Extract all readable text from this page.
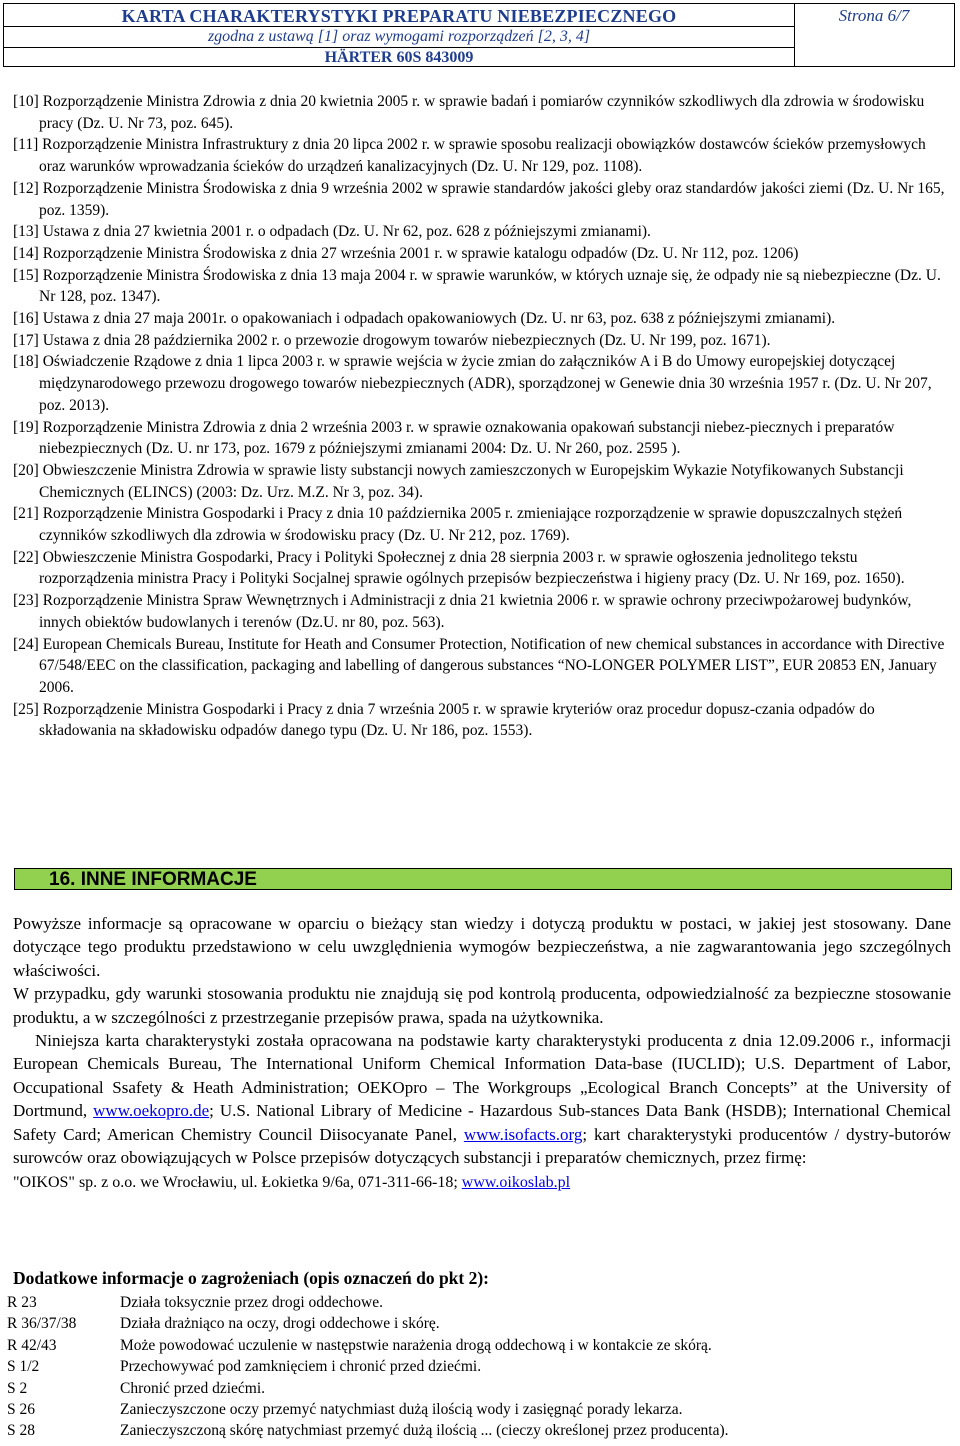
KARTA CHARAKTERYSTYKI PREPARATU NIEBEZPIECZNEGO
zgodna z ustawą [1] oraz wymogami rozporządzeń [2, 3, 4]
HÄRTER 60S 843009
Strona 6/7

[10] Rozporządzenie Ministra Zdrowia z dnia 20 kwietnia 2005 r. w sprawie badań i pomiarów czynników szkodliwych dla zdrowia w środowisku pracy (Dz. U. Nr 73, poz. 645).

[11] Rozporządzenie Ministra Infrastruktury z dnia 20 lipca 2002 r. w sprawie sposobu realizacji obowiązków dostawców ścieków przemysłowych oraz warunków wprowadzania ścieków do urządzeń kanalizacyjnych (Dz. U. Nr 129, poz. 1108).

[12] Rozporządzenie Ministra Środowiska z dnia 9 września 2002 w sprawie standardów jakości gleby oraz standardów jakości ziemi (Dz. U. Nr 165, poz. 1359).

[13] Ustawa z dnia 27 kwietnia 2001 r. o odpadach (Dz. U. Nr 62, poz. 628 z późniejszymi zmianami).

[14] Rozporządzenie Ministra Środowiska z dnia 27 września 2001 r. w sprawie katalogu odpadów (Dz. U. Nr 112, poz. 1206)

[15] Rozporządzenie Ministra Środowiska z dnia 13 maja 2004 r. w sprawie warunków, w których uznaje się, że odpady nie są niebezpieczne (Dz. U. Nr 128, poz. 1347).

[16] Ustawa z dnia 27 maja 2001r. o opakowaniach i odpadach opakowaniowych (Dz. U. nr 63, poz. 638 z późniejszymi zmianami).

[17] Ustawa z dnia 28 października 2002 r. o przewozie drogowym towarów niebezpiecznych (Dz. U. Nr 199, poz. 1671).

[18] Oświadczenie Rządowe z dnia 1 lipca 2003 r. w sprawie wejścia w życie zmian do załączników A i B do Umowy europejskiej dotyczącej międzynarodowego przewozu drogowego towarów niebezpiecznych (ADR), sporządzonej w Genewie dnia 30 września 1957 r. (Dz. U. Nr 207, poz. 2013).

[19] Rozporządzenie Ministra Zdrowia z dnia 2 września 2003 r. w sprawie oznakowania opakowań substancji niebez-piecznych i preparatów niebezpiecznych (Dz. U. nr 173, poz. 1679 z późniejszymi zmianami 2004: Dz. U. Nr 260, poz. 2595 ).

[20] Obwieszczenie Ministra Zdrowia w sprawie listy substancji nowych zamieszczonych w Europejskim Wykazie Notyfikowanych Substancji Chemicznych (ELINCS) (2003: Dz. Urz. M.Z. Nr 3, poz. 34).

[21] Rozporządzenie Ministra Gospodarki i Pracy z dnia 10 października 2005 r. zmieniające rozporządzenie w sprawie dopuszczalnych stężeń czynników szkodliwych dla zdrowia w środowisku pracy (Dz. U. Nr 212, poz. 1769).

[22] Obwieszczenie Ministra Gospodarki, Pracy i Polityki Społecznej z dnia 28 sierpnia 2003 r. w sprawie ogłoszenia jednolitego tekstu rozporządzenia ministra Pracy i Polityki Socjalnej sprawie ogólnych przepisów bezpieczeństwa i higieny pracy (Dz. U. Nr 169, poz. 1650).

[23] Rozporządzenie Ministra Spraw Wewnętrznych i Administracji z dnia 21 kwietnia 2006 r. w sprawie ochrony przeciwpożarowej budynków, innych obiektów budowlanych i terenów (Dz.U. nr 80, poz. 563).

[24] European Chemicals Bureau, Institute for Heath and Consumer Protection, Notification of new chemical substances in accordance with Directive 67/548/EEC on the classification, packaging and labelling of dangerous substances “NO-LONGER POLYMER LIST”, EUR 20853 EN, January 2006.

[25] Rozporządzenie Ministra Gospodarki i Pracy z dnia 7 września 2005 r. w sprawie kryteriów oraz procedur dopusz-czania odpadów do składowania na składowisku odpadów danego typu (Dz. U. Nr 186, poz. 1553).

16. INNE INFORMACJE

Powyższe informacje są opracowane w oparciu o bieżący stan wiedzy i dotyczą produktu w postaci, w jakiej jest stosowany. Dane dotyczące tego produktu przedstawiono w celu uwzględnienia wymogów bezpieczeństwa, a nie zagwarantowania jego szczególnych właściwości.

W przypadku, gdy warunki stosowania produktu nie znajdują się pod kontrolą producenta, odpowiedzialność za bezpieczne stosowanie produktu, a w szczególności z przestrzeganie przepisów prawa, spada na użytkownika.

Niniejsza karta charakterystyki została opracowana na podstawie karty charakterystyki producenta z dnia 12.09.2006 r., informacji European Chemicals Bureau, The International Uniform Chemical Information Data-base (IUCLID); U.S. Department of Labor, Occupational Ssafety & Heath Administration; OEKOpro – The Workgroups „Ecological Branch Concepts” at the University of Dortmund, www.oekopro.de; U.S. National Library of Medicine - Hazardous Sub-stances Data Bank (HSDB); International Chemical Safety Card; American Chemistry Council Diisocyanate Panel, www.isofacts.org; kart charakterystyki producentów / dystry-butorów surowców oraz obowiązujących w Polsce przepisów dotyczących substancji i preparatów chemicznych, przez firmę:

"OIKOS" sp. z o.o. we Wrocławiu, ul. Łokietka 9/6a, 071-311-66-18; www.oikoslab.pl

Dodatkowe informacje o zagrożeniach (opis oznaczeń do pkt 2):
R 23	Działa toksycznie przez drogi oddechowe.
R 36/37/38	Działa drażniąco na oczy, drogi oddechowe i skórę.
R 42/43	Może powodować uczulenie w następstwie narażenia drogą oddechową i w kontakcie ze skórą.
S 1/2	Przechowywać pod zamknięciem i chronić przed dziećmi.
S 2	Chronić przed dziećmi.
S 26	Zanieczyszczone oczy przemyć natychmiast dużą ilością wody i zasięgnąć porady lekarza.
S 28	Zanieczyszczoną skórę natychmiast przemyć dużą ilością ... (cieczy określonej przez producenta).
